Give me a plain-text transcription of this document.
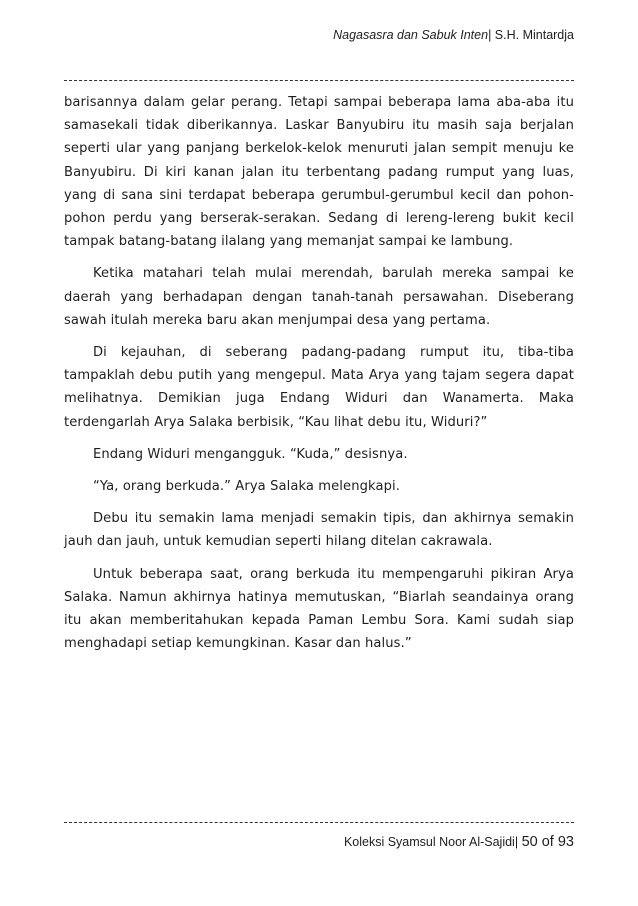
Nagasasra dan Sabuk Inten| S.H. Mintardja

barisannya dalam gelar perang. Tetapi sampai beberapa lama aba-aba itu samasekali tidak diberikannya. Laskar Banyubiru itu masih saja berjalan seperti ular yang panjang berkelok-kelok menuruti jalan sempit menuju ke Banyubiru. Di kiri kanan jalan itu terbentang padang rumput yang luas, yang di sana sini terdapat beberapa gerumbul-gerumbul kecil dan pohon-pohon perdu yang berserak-serakan. Sedang di lereng-lereng bukit kecil tampak batang-batang ilalang yang memanjat sampai ke lambung.

Ketika matahari telah mulai merendah, barulah mereka sampai ke daerah yang berhadapan dengan tanah-tanah persawahan. Diseberang sawah itulah mereka baru akan menjumpai desa yang pertama.

Di kejauhan, di seberang padang-padang rumput itu, tiba-tiba tampaklah debu putih yang mengepul. Mata Arya yang tajam segera dapat melihatnya. Demikian juga Endang Widuri dan Wanamerta. Maka terdengarlah Arya Salaka berbisik, “Kau lihat debu itu, Widuri?”

Endang Widuri mengangguk. “Kuda,” desisnya.

“Ya, orang berkuda.” Arya Salaka melengkapi.

Debu itu semakin lama menjadi semakin tipis, dan akhirnya semakin jauh dan jauh, untuk kemudian seperti hilang ditelan cakrawala.

Untuk beberapa saat, orang berkuda itu mempengaruhi pikiran Arya Salaka. Namun akhirnya hatinya memutuskan, “Biarlah seandainya orang itu akan memberitahukan kepada Paman Lembu Sora. Kami sudah siap menghadapi setiap kemungkinan. Kasar dan halus.”

Koleksi Syamsul Noor Al-Sajidi| 50 of 93
